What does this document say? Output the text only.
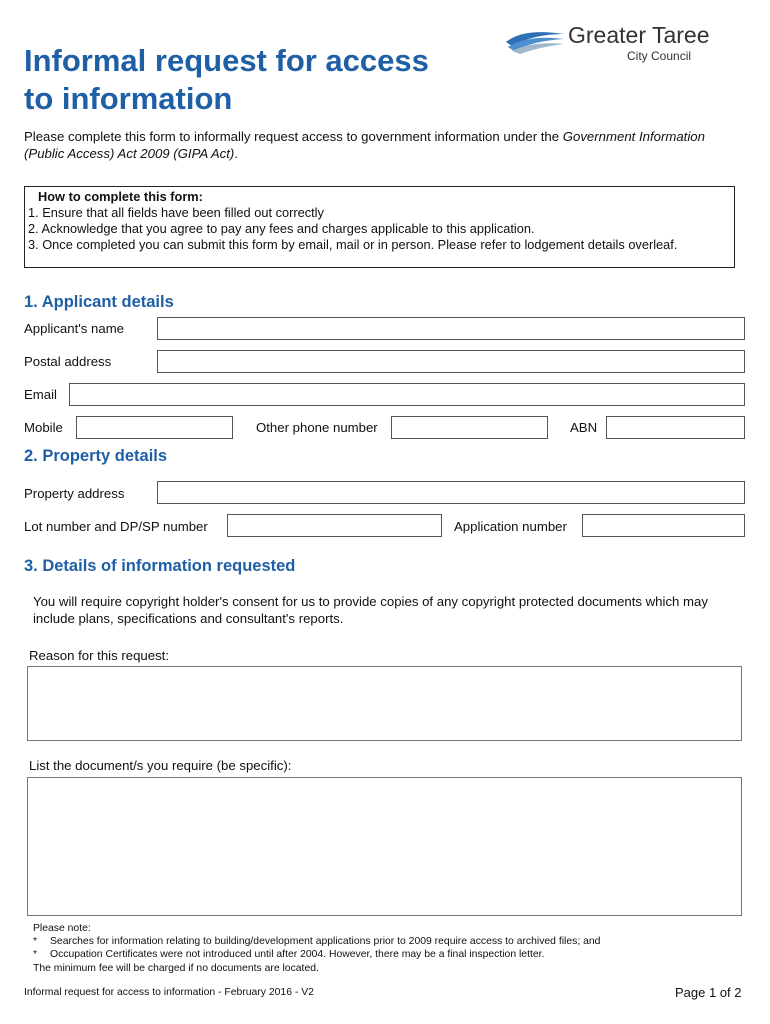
Informal request for access
to information
Greater Taree
City Council
Please complete this form to informally request access to government information under the Government Information (Public Access) Act 2009 (GIPA Act).
How to complete this form:
1. Ensure that all fields have been filled out correctly
2. Acknowledge that you agree to pay any fees and charges applicable to this application.
3. Once completed you can submit this form by email, mail or in person. Please refer to lodgement details overleaf.
1. Applicant details
Applicant's name
Postal address
Email
Mobile	Other phone number	ABN
2. Property details
Property address
Lot number and DP/SP number	Application number
3. Details of information requested
You will require copyright holder's consent for us to provide copies of any copyright protected documents which may include plans, specifications and consultant's reports.
Reason for this request:
List the document/s you require (be specific):
Please note:
*	Searches for information relating to building/development applications prior to 2009 require access to archived files; and
*	Occupation Certificates were not introduced until after 2004. However, there may be a final inspection letter.
The minimum fee will be charged if no documents are located.
Informal request for access to information - February 2016 - V2	Page 1 of 2
